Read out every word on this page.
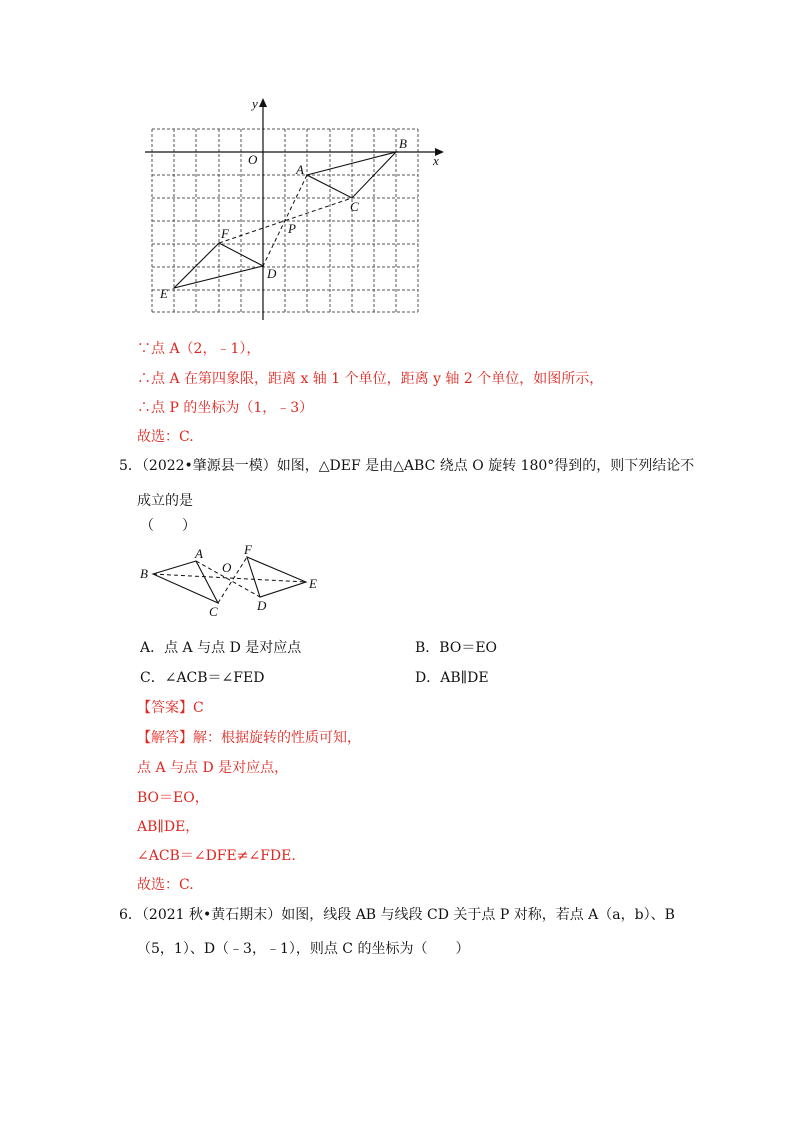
y
x
O
A
B
C
D
E
F	P
∵点 A（2，﹣1），
∴点 A 在第四象限，距离 x 轴 1 个单位，距离 y 轴 2 个单位，如图所示，
∴点 P 的坐标为（1，﹣3）
故选：C.
5．（2022•肇源县一模）如图，△DEF 是由△ABC 绕点 O 旋转 180°得到的，则下列结论不
成立的是
（　　）
B
A
C
O
F
E
D
A．点 A 与点 D 是对应点	B．BO＝EO
C．∠ACB＝∠FED	D．AB∥DE
【答案】C
【解答】解：根据旋转的性质可知，
点 A 与点 D 是对应点，
BO＝EO，
AB∥DE，
∠ACB＝∠DFE≠∠FDE.
故选：C.
6．（2021 秋•黄石期末）如图，线段 AB 与线段 CD 关于点 P 对称，若点 A（a，b）、B
（5，1）、D（﹣3，﹣1），则点 C 的坐标为（　　）
